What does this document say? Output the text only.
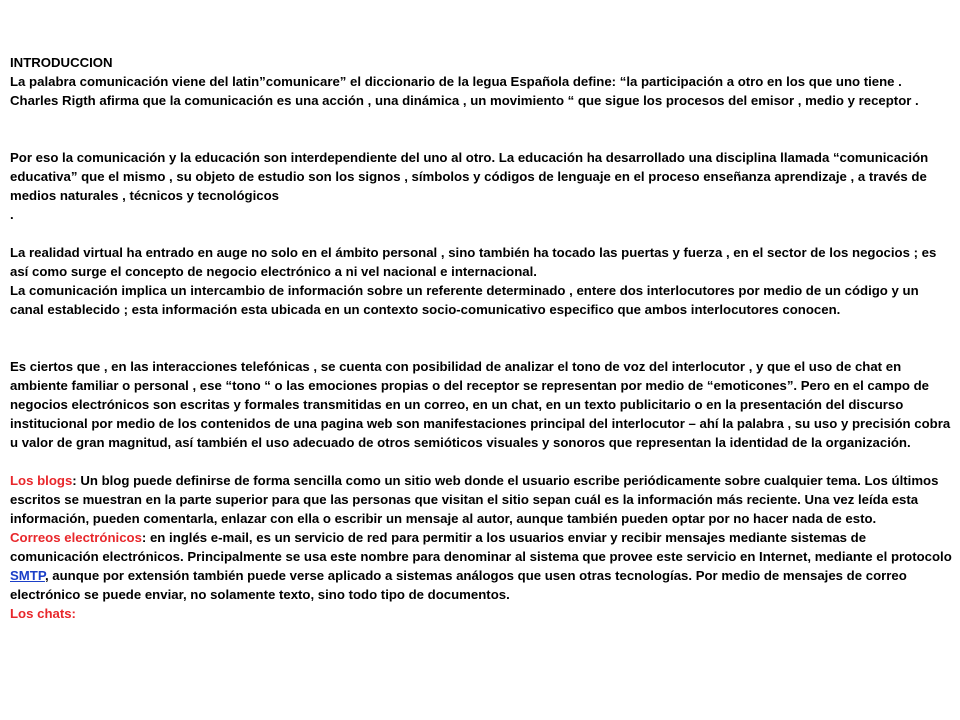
INTRODUCCION

La palabra comunicación viene del latin”comunicare” el diccionario de la legua Española define: “la participación a otro en los que uno tiene .

Charles Rigth afirma que la comunicación es una acción , una dinámica , un movimiento “ que sigue los procesos del emisor , medio y receptor .

Por eso la comunicación y la educación son interdependiente del uno al otro. La educación ha desarrollado una disciplina llamada “comunicación educativa” que el mismo , su objeto de estudio son los signos , símbolos y códigos de lenguaje en el proceso enseñanza aprendizaje , a través de medios naturales , técnicos y tecnológicos

.

La realidad virtual ha entrado en auge no solo en el ámbito personal , sino también ha tocado las puertas y fuerza , en el sector de los negocios ; es así como surge el concepto de negocio electrónico a ni vel nacional e internacional.

La comunicación implica un intercambio de información sobre un referente determinado , entere dos interlocutores por medio de un código y un canal establecido ; esta información esta ubicada en un contexto socio-comunicativo especifico que ambos interlocutores conocen.

Es ciertos que , en las interacciones telefónicas , se cuenta con posibilidad de analizar el tono de voz del interlocutor , y que el uso de chat en ambiente familiar o personal , ese “tono “ o las emociones propias o del receptor se representan por medio de “emoticones”. Pero en el campo de negocios electrónicos son escritas y formales transmitidas en un correo, en un chat, en un texto publicitario o en la presentación del discurso institucional por medio de los contenidos de una pagina web son manifestaciones principal del interlocutor – ahí la palabra , su uso y precisión cobra u valor de gran magnitud, así también el uso adecuado de otros semióticos visuales y sonoros que representan la identidad de la organización.

Los blogs: Un blog puede definirse de forma sencilla como un sitio web donde el usuario escribe periódicamente sobre cualquier tema. Los últimos escritos se muestran en la parte superior para que las personas que visitan el sitio sepan cuál es la información más reciente. Una vez leída esta información, pueden comentarla, enlazar con ella o escribir un mensaje al autor, aunque también pueden optar por no hacer nada de esto.

Correos electrónicos: en inglés e-mail, es un servicio de red para permitir a los usuarios enviar y recibir mensajes mediante sistemas de comunicación electrónicos. Principalmente se usa este nombre para denominar al sistema que provee este servicio en Internet, mediante el protocolo SMTP, aunque por extensión también puede verse aplicado a sistemas análogos que usen otras tecnologías. Por medio de mensajes de correo electrónico se puede enviar, no solamente texto, sino todo tipo de documentos.

Los chats:
